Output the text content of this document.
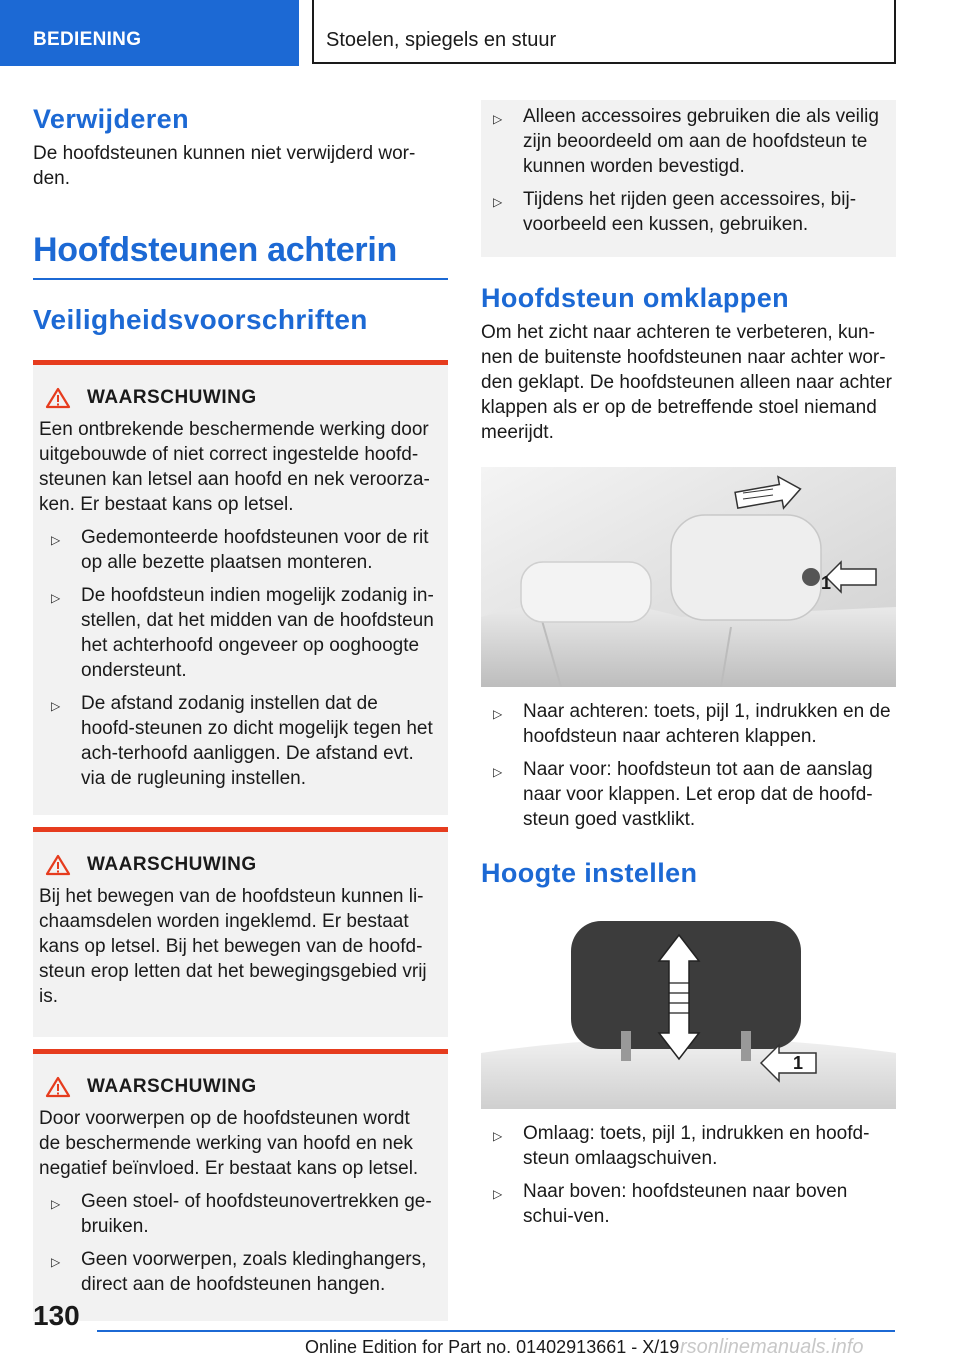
BEDIENING	Stoelen, spiegels en stuur
Verwijderen

De hoofdsteunen kunnen niet verwijderd wor-den.

Hoofdsteunen achterin
Veiligheidsvoorschriften
WAARSCHUWING

Een ontbrekende beschermende werking door uitgebouwde of niet correct ingestelde hoofd-steunen kan letsel aan hoofd en nek veroorza-ken. Er bestaat kans op letsel.

▷ Gedemonteerde hoofdsteunen voor de rit op alle bezette plaatsen monteren.
▷ De hoofdsteun indien mogelijk zodanig in-stellen, dat het midden van de hoofdsteun het achterhoofd ongeveer op ooghoogte ondersteunt.
▷ De afstand zodanig instellen dat de hoofd-steunen zo dicht mogelijk tegen het ach-terhoofd aanliggen. De afstand evt. via de rugleuning instellen.
WAARSCHUWING

Bij het bewegen van de hoofdsteun kunnen li-chaamsdelen worden ingeklemd. Er bestaat kans op letsel. Bij het bewegen van de hoofd-steun erop letten dat het bewegingsgebied vrij is.

WAARSCHUWING

Door voorwerpen op de hoofdsteunen wordt de beschermende werking van hoofd en nek negatief beïnvloed. Er bestaat kans op letsel.

▷ Geen stoel- of hoofdsteunovertrekken ge-bruiken.
▷ Geen voorwerpen, zoals kledinghangers, direct aan de hoofdsteunen hangen.
▷ Alleen accessoires gebruiken die als veilig zijn beoordeeld om aan de hoofdsteun te kunnen worden bevestigd.
▷ Tijdens het rijden geen accessoires, bij-voorbeeld een kussen, gebruiken.
Hoofdsteun omklappen

Om het zicht naar achteren te verbeteren, kun-nen de buitenste hoofdsteunen naar achter wor-den geklapt. De hoofdsteunen alleen naar achter klappen als er op de betreffende stoel niemand meerijdt.

1
▷ Naar achteren: toets, pijl 1, indrukken en de hoofdsteun naar achteren klappen.
▷ Naar voor: hoofdsteun tot aan de aanslag naar voor klappen. Let erop dat de hoofd-steun goed vastklikt.
Hoogte instellen
1
▷ Omlaag: toets, pijl 1, indrukken en hoofd-steun omlaagschuiven.
▷ Naar boven: hoofdsteunen naar boven schui-ven.
130
Online Edition for Part no. 01402913661 - X/19 rsonlinemanuals.info
